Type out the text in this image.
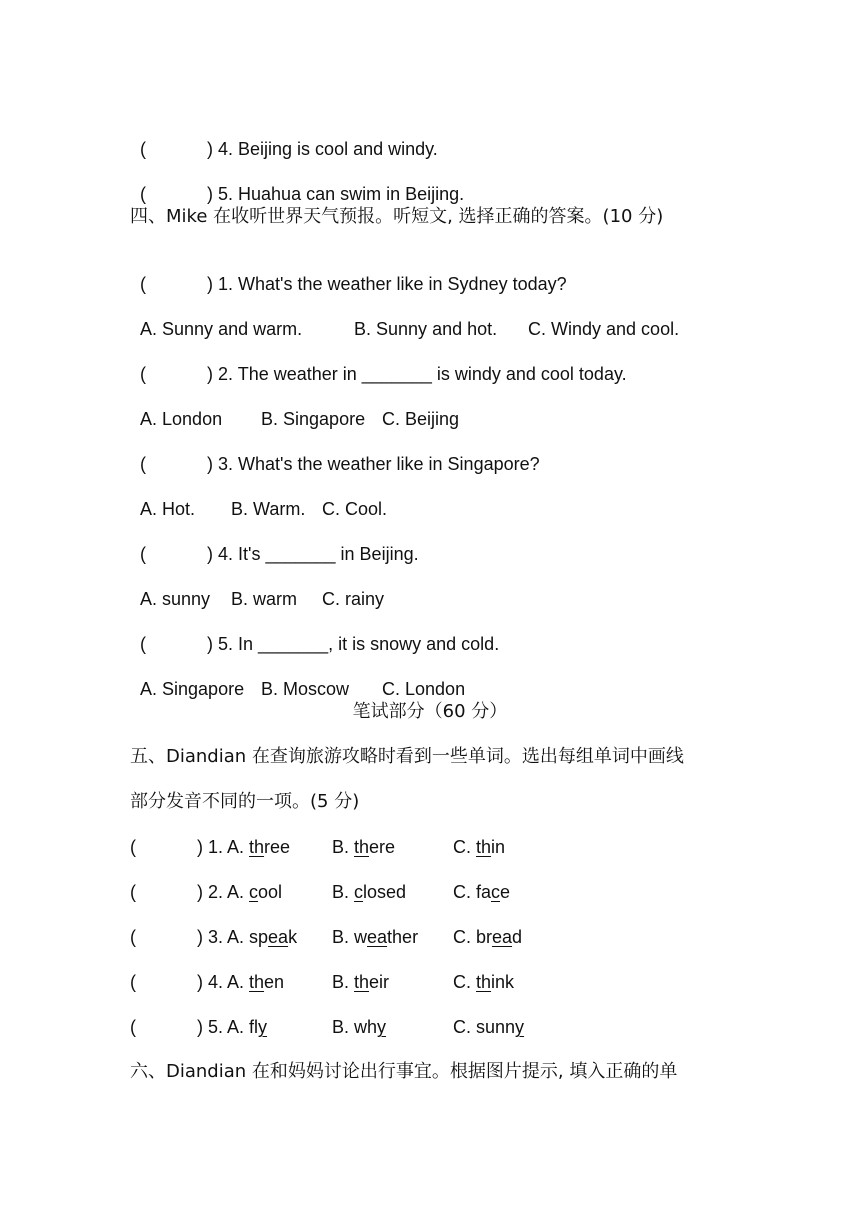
(	) 4. Beijing is cool and windy.

(	) 5. Huahua can swim in Beijing.

四、Mike 在收听世界天气预报。听短文, 选择正确的答案。(10 分)

(	) 1. What's the weather like in Sydney today?

A. Sunny and warm.	B. Sunny and hot. C. Windy and cool.

(	) 2. The weather in _______ is windy and cool today.

A. London B. Singapore C. Beijing

(	) 3. What's the weather like in Singapore?

A. Hot. B. Warm. C. Cool.

(	) 4. It's _______ in Beijing.

A. sunny B. warm C. rainy

(	) 5. In _______, it is snowy and cold.

A. Singapore B. Moscow C. London

笔试部分（60 分）
五、Diandian 在查询旅游攻略时看到一些单词。选出每组单词中画线
部分发音不同的一项。(5 分)
(	) 1. A. three B. there	C. thin
(	) 2. A. cool	B. closed	C. face
(	) 3. A. speak B. weather C. bread
(	) 4. A. then	B. their	C. think
(	) 5. A. fly	B. why	C. sunny
六、Diandian 在和妈妈讨论出行事宜。根据图片提示, 填入正确的单
